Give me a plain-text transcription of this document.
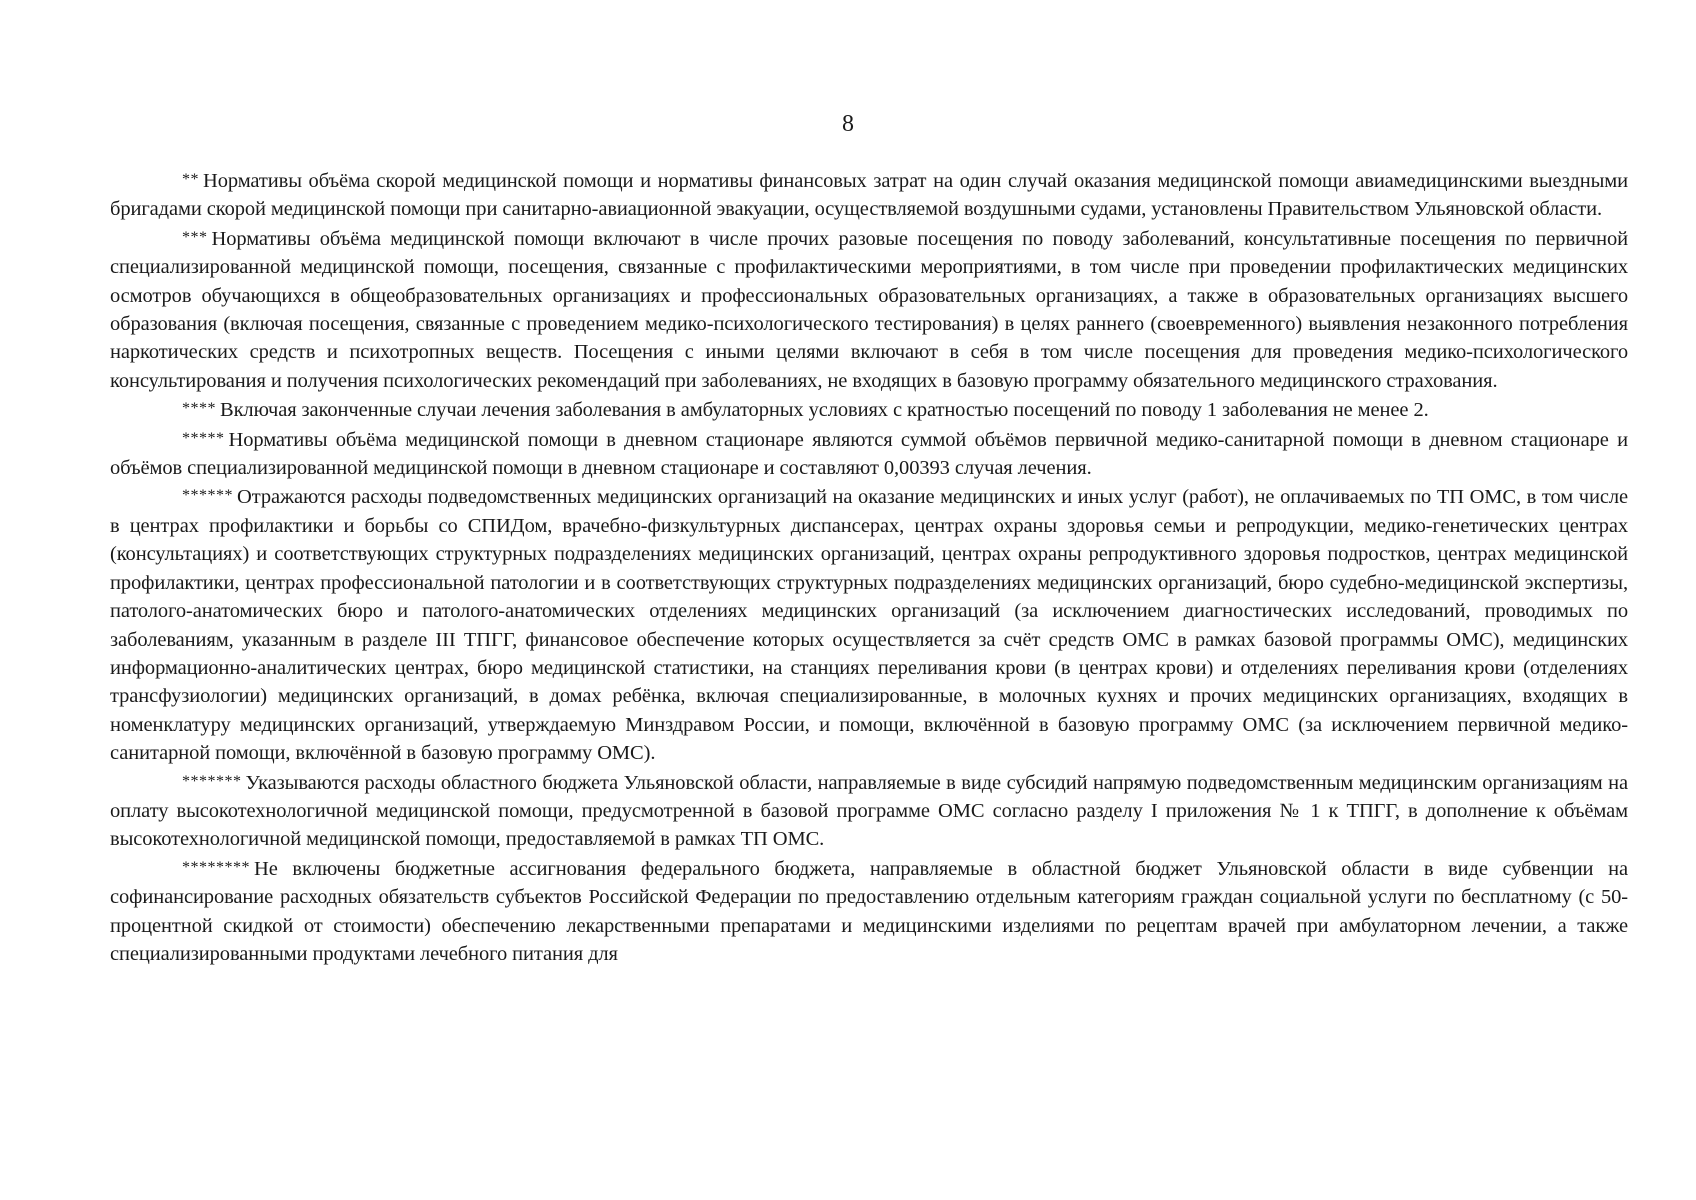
8

** Нормативы объёма скорой медицинской помощи и нормативы финансовых затрат на один случай оказания медицинской помощи авиамедицинскими выездными бригадами скорой медицинской помощи при санитарно-авиационной эвакуации, осуществляемой воздушными судами, установлены Правительством Ульяновской области.

*** Нормативы объёма медицинской помощи включают в числе прочих разовые посещения по поводу заболеваний, консультативные посещения по первичной специализированной медицинской помощи, посещения, связанные с профилактическими мероприятиями, в том числе при проведении профилактических медицинских осмотров обучающихся в общеобразовательных организациях и профессиональных образовательных организациях, а также в образовательных организациях высшего образования (включая посещения, связанные с проведением медико-психологического тестирования) в целях раннего (своевременного) выявления незаконного потребления наркотических средств и психотропных веществ. Посещения с иными целями включают в себя в том числе посещения для проведения медико-психологического консультирования и получения психологических рекомендаций при заболеваниях, не входящих в базовую программу обязательного медицинского страхования.

**** Включая законченные случаи лечения заболевания в амбулаторных условиях с кратностью посещений по поводу 1 заболевания не менее 2.

***** Нормативы объёма медицинской помощи в дневном стационаре являются суммой объёмов первичной медико-санитарной помощи в дневном стационаре и объёмов специализированной медицинской помощи в дневном стационаре и составляют 0,00393 случая лечения.

****** Отражаются расходы подведомственных медицинских организаций на оказание медицинских и иных услуг (работ), не оплачиваемых по ТП ОМС, в том числе в центрах профилактики и борьбы со СПИДом, врачебно-физкультурных диспансерах, центрах охраны здоровья семьи и репродукции, медико-генетических центрах (консультациях) и соответствующих структурных подразделениях медицинских организаций, центрах охраны репродуктивного здоровья подростков, центрах медицинской профилактики, центрах профессиональной патологии и в соответствующих структурных подразделениях медицинских организаций, бюро судебно-медицинской экспертизы, патолого-анатомических бюро и патолого-анатомических отделениях медицинских организаций (за исключением диагностических исследований, проводимых по заболеваниям, указанным в разделе III ТПГГ, финансовое обеспечение которых осуществляется за счёт средств ОМС в рамках базовой программы ОМС), медицинских информационно-аналитических центрах, бюро медицинской статистики, на станциях переливания крови (в центрах крови) и отделениях переливания крови (отделениях трансфузиологии) медицинских организаций, в домах ребёнка, включая специализированные, в молочных кухнях и прочих медицинских организациях, входящих в номенклатуру медицинских организаций, утверждаемую Минздравом России, и помощи, включённой в базовую программу ОМС (за исключением первичной медико-санитарной помощи, включённой в базовую программу ОМС).

******* Указываются расходы областного бюджета Ульяновской области, направляемые в виде субсидий напрямую подведомственным медицинским организациям на оплату высокотехнологичной медицинской помощи, предусмотренной в базовой программе ОМС согласно разделу I приложения № 1 к ТПГГ, в дополнение к объёмам высокотехнологичной медицинской помощи, предоставляемой в рамках ТП ОМС.

******** Не включены бюджетные ассигнования федерального бюджета, направляемые в областной бюджет Ульяновской области в виде субвенции на софинансирование расходных обязательств субъектов Российской Федерации по предоставлению отдельным категориям граждан социальной услуги по бесплатному (с 50-процентной скидкой от стоимости) обеспечению лекарственными препаратами и медицинскими изделиями по рецептам врачей при амбулаторном лечении, а также специализированными продуктами лечебного питания для
